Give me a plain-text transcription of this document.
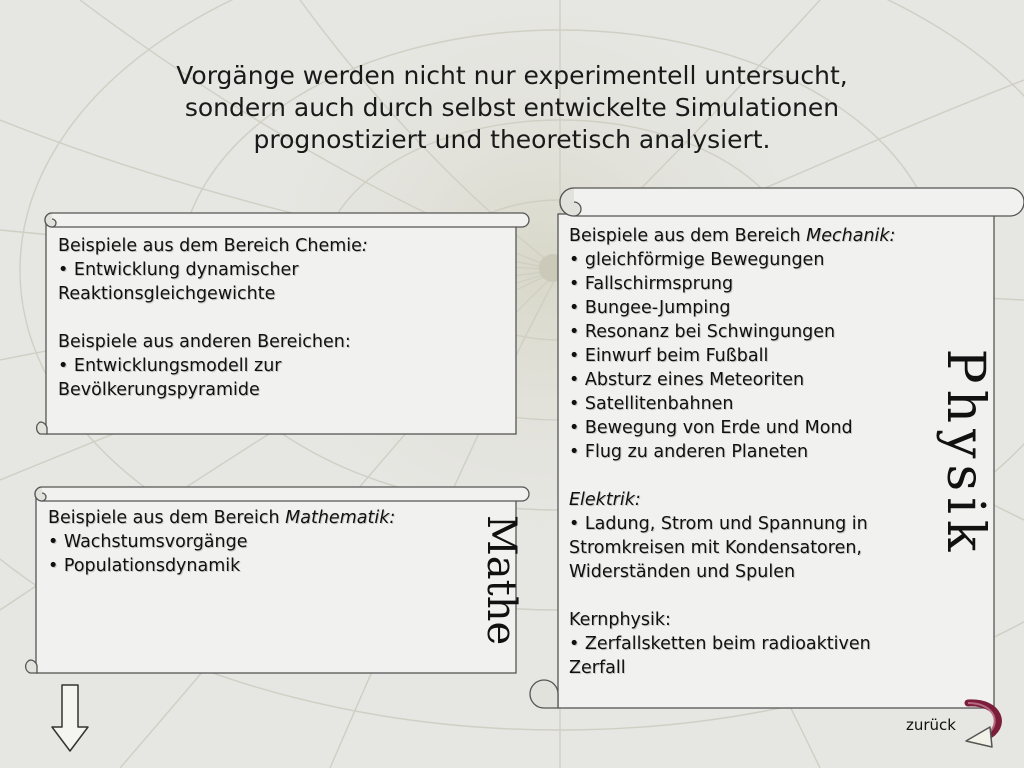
Vorgänge werden nicht nur experimentell untersucht,
sondern auch durch selbst entwickelte Simulationen
prognostiziert und theoretisch analysiert.
Beispiele aus dem Bereich Chemie:
• Entwicklung dynamischer
Reaktionsgleichgewichte
Beispiele aus anderen Bereichen:
• Entwicklungsmodell zur
Bevölkerungspyramide
Beispiele aus dem Bereich Mathematik:
• Wachstumsvorgänge
• Populationsdynamik	Mathe
Beispiele aus dem Bereich Mechanik:
• gleichförmige Bewegungen
• Fallschirmsprung
• Bungee-Jumping
• Resonanz bei Schwingungen
• Einwurf beim Fußball
• Absturz eines Meteoriten
• Satellitenbahnen
• Bewegung von Erde und Mond
• Flug zu anderen Planeten
Elektrik:
• Ladung, Strom und Spannung in
Stromkreisen mit Kondensatoren,
Widerständen und Spulen
Kernphysik:
• Zerfallsketten beim radioaktiven
Zerfall
Physik
zurück
